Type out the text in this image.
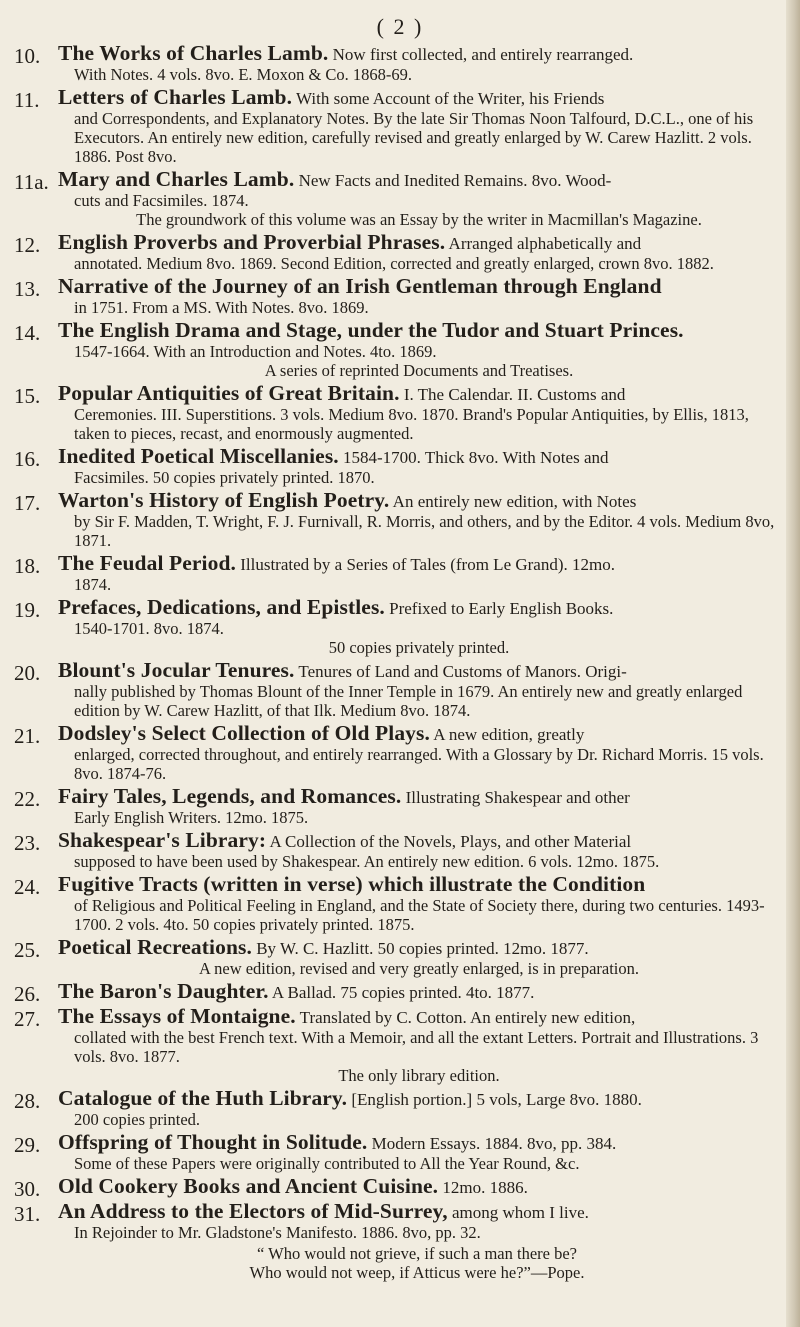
( 2 )
10. The Works of Charles Lamb. Now first collected, and entirely rearranged.
With Notes. 4 vols. 8vo. E. Moxon & Co. 1868-69.
11. Letters of Charles Lamb. With some Account of the Writer, his Friends
and Correspondents, and Explanatory Notes. By the late Sir Thomas Noon Talfourd, D.C.L., one of his Executors. An entirely new edition, carefully revised and greatly enlarged by W. Carew Hazlitt. 2 vols. 1886. Post 8vo.
11a. Mary and Charles Lamb. New Facts and Inedited Remains. 8vo. Wood-
cuts and Facsimiles. 1874.
The groundwork of this volume was an Essay by the writer in Macmillan's Magazine.
12. English Proverbs and Proverbial Phrases. Arranged alphabetically and
annotated. Medium 8vo. 1869. Second Edition, corrected and greatly enlarged, crown 8vo. 1882.
13. Narrative of the Journey of an Irish Gentleman through England
in 1751. From a MS. With Notes. 8vo. 1869.
14. The English Drama and Stage, under the Tudor and Stuart Princes.
1547-1664. With an Introduction and Notes. 4to. 1869.
A series of reprinted Documents and Treatises.
15. Popular Antiquities of Great Britain. I. The Calendar. II. Customs and
Ceremonies. III. Superstitions. 3 vols. Medium 8vo. 1870. Brand's Popular Antiquities, by Ellis, 1813, taken to pieces, recast, and enormously augmented.
16. Inedited Poetical Miscellanies. 1584-1700. Thick 8vo. With Notes and
Facsimiles. 50 copies privately printed. 1870.
17. Warton's History of English Poetry. An entirely new edition, with Notes
by Sir F. Madden, T. Wright, F. J. Furnivall, R. Morris, and others, and by the Editor. 4 vols. Medium 8vo, 1871.
18. The Feudal Period. Illustrated by a Series of Tales (from Le Grand). 12mo.
1874.
19. Prefaces, Dedications, and Epistles. Prefixed to Early English Books.
1540-1701. 8vo. 1874.
50 copies privately printed.
20. Blount's Jocular Tenures. Tenures of Land and Customs of Manors. Origi-
nally published by Thomas Blount of the Inner Temple in 1679. An entirely new and greatly enlarged edition by W. Carew Hazlitt, of that Ilk. Medium 8vo. 1874.
21. Dodsley's Select Collection of Old Plays. A new edition, greatly
enlarged, corrected throughout, and entirely rearranged. With a Glossary by Dr. Richard Morris. 15 vols. 8vo. 1874-76.
22. Fairy Tales, Legends, and Romances. Illustrating Shakespear and other
Early English Writers. 12mo. 1875.
23. Shakespear's Library: A Collection of the Novels, Plays, and other Material
supposed to have been used by Shakespear. An entirely new edition. 6 vols. 12mo. 1875.
24. Fugitive Tracts (written in verse) which illustrate the Condition
of Religious and Political Feeling in England, and the State of Society there, during two centuries. 1493-1700. 2 vols. 4to. 50 copies privately printed. 1875.
25. Poetical Recreations. By W. C. Hazlitt. 50 copies printed. 12mo. 1877.
A new edition, revised and very greatly enlarged, is in preparation.
26. The Baron's Daughter. A Ballad. 75 copies printed. 4to. 1877.
27. The Essays of Montaigne. Translated by C. Cotton. An entirely new edition,
collated with the best French text. With a Memoir, and all the extant Letters. Portrait and Illustrations. 3 vols. 8vo. 1877.
The only library edition.
28. Catalogue of the Huth Library. [English portion.] 5 vols, Large 8vo. 1880.
200 copies printed.
29. Offspring of Thought in Solitude. Modern Essays. 1884. 8vo, pp. 384.
Some of these Papers were originally contributed to All the Year Round, &c.
30. Old Cookery Books and Ancient Cuisine. 12mo. 1886.
31. An Address to the Electors of Mid-Surrey, among whom I live.
In Rejoinder to Mr. Gladstone's Manifesto. 1886. 8vo, pp. 32.
“ Who would not grieve, if such a man there be?
Who would not weep, if Atticus were he?”—Pope.
